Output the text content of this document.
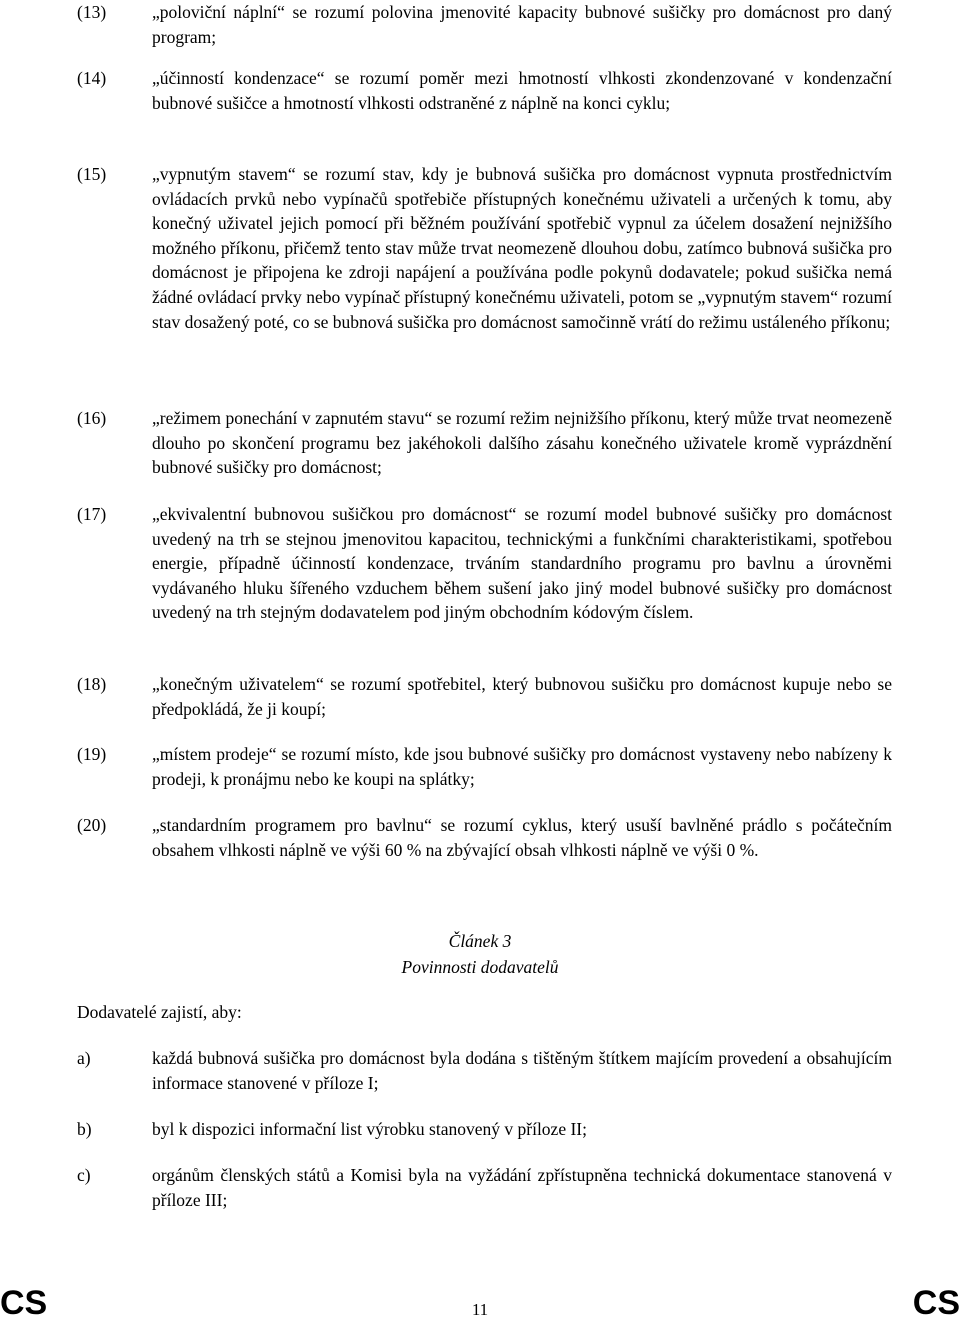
(13)	„poloviční náplní“ se rozumí polovina jmenovité kapacity bubnové sušičky pro domácnost pro daný program;
(14)	„účinností kondenzace“ se rozumí poměr mezi hmotností vlhkosti zkondenzované v kondenzační bubnové sušičce a hmotností vlhkosti odstraněné z náplně na konci cyklu;
(15)	„vypnutým stavem“ se rozumí stav, kdy je bubnová sušička pro domácnost vypnuta prostřednictvím ovládacích prvků nebo vypínačů spotřebiče přístupných konečnému uživateli a určených k tomu, aby konečný uživatel jejich pomocí při běžném používání spotřebič vypnul za účelem dosažení nejnižšího možného příkonu, přičemž tento stav může trvat neomezeně dlouhou dobu, zatímco bubnová sušička pro domácnost je připojena ke zdroji napájení a používána podle pokynů dodavatele; pokud sušička nemá žádné ovládací prvky nebo vypínač přístupný konečnému uživateli, potom se „vypnutým stavem“ rozumí stav dosažený poté, co se bubnová sušička pro domácnost samočinně vrátí do režimu ustáleného příkonu;
(16)	„režimem ponechání v zapnutém stavu“ se rozumí režim nejnižšího příkonu, který může trvat neomezeně dlouho po skončení programu bez jakéhokoli dalšího zásahu konečného uživatele kromě vyprázdnění bubnové sušičky pro domácnost;
(17)	„ekvivalentní bubnovou sušičkou pro domácnost“ se rozumí model bubnové sušičky pro domácnost uvedený na trh se stejnou jmenovitou kapacitou, technickými a funkčními charakteristikami, spotřebou energie, případně účinností kondenzace, trváním standardního programu pro bavlnu a úrovněmi vydávaného hluku šířeného vzduchem během sušení jako jiný model bubnové sušičky pro domácnost uvedený na trh stejným dodavatelem pod jiným obchodním kódovým číslem.
(18)	„konečným uživatelem“ se rozumí spotřebitel, který bubnovou sušičku pro domácnost kupuje nebo se předpokládá, že ji koupí;
(19)	„místem prodeje“ se rozumí místo, kde jsou bubnové sušičky pro domácnost vystaveny nebo nabízeny k prodeji, k pronájmu nebo ke koupi na splátky;
(20)	„standardním programem pro bavlnu“ se rozumí cyklus, který usuší bavlněné prádlo s počátečním obsahem vlhkosti náplně ve výši 60 % na zbývající obsah vlhkosti náplně ve výši 0 %.
Článek 3
Povinnosti dodavatelů
Dodavatelé zajistí, aby:
a)	každá bubnová sušička pro domácnost byla dodána s tištěným štítkem majícím provedení a obsahujícím informace stanovené v příloze I;
b)	byl k dispozici informační list výrobku stanovený v příloze II;
c)	orgánům členských států a Komisi byla na vyžádání zpřístupněna technická dokumentace stanovená v příloze III;
CS	11	CS
